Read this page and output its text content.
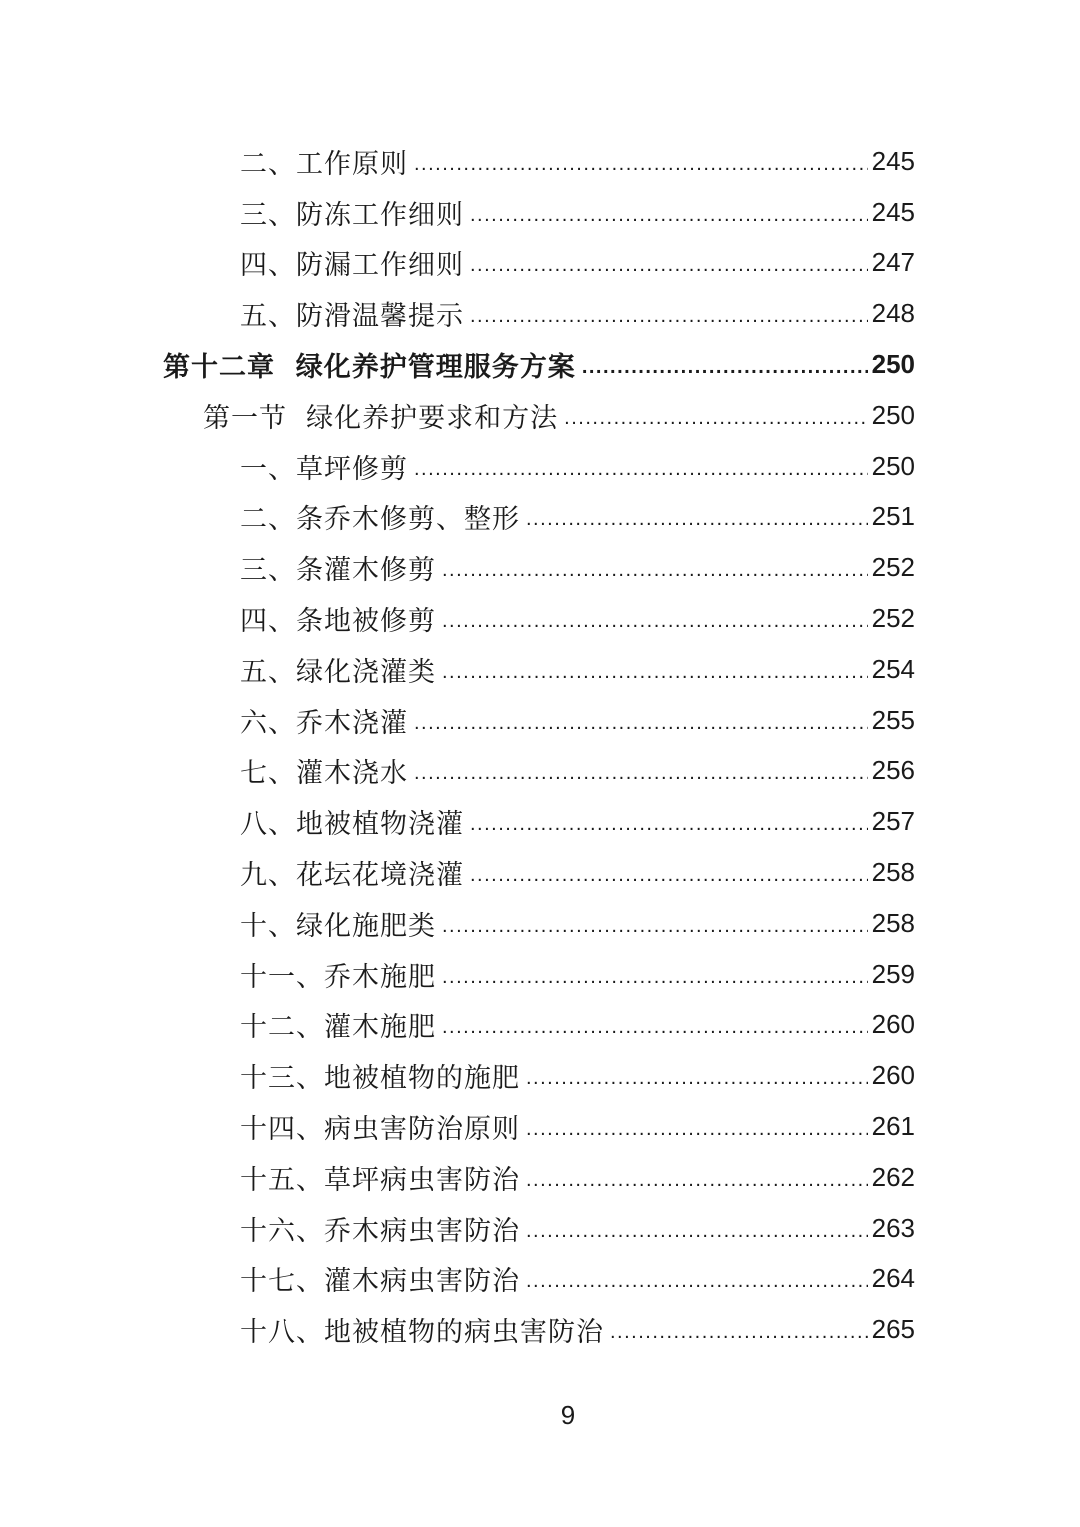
二、工作原则 .....	245
三、防冻工作细则 .....	245
四、防漏工作细则 .....	247
五、防滑温馨提示 .....	248
第十二章  绿化养护管理服务方案 .....	250
第一节  绿化养护要求和方法 .....	250
一、草坪修剪 .....	250
二、条乔木修剪、整形 .....	251
三、条灌木修剪 .....	252
四、条地被修剪 .....	252
五、绿化浇灌类 .....	254
六、乔木浇灌 .....	255
七、灌木浇水 .....	256
八、地被植物浇灌 .....	257
九、花坛花境浇灌 .....	258
十、绿化施肥类 .....	258
十一、乔木施肥 .....	259
十二、灌木施肥 .....	260
十三、地被植物的施肥 .....	260
十四、病虫害防治原则 .....	261
十五、草坪病虫害防治 .....	262
十六、乔木病虫害防治 .....	263
十七、灌木病虫害防治 .....	264
十八、地被植物的病虫害防治 .....	265
9
